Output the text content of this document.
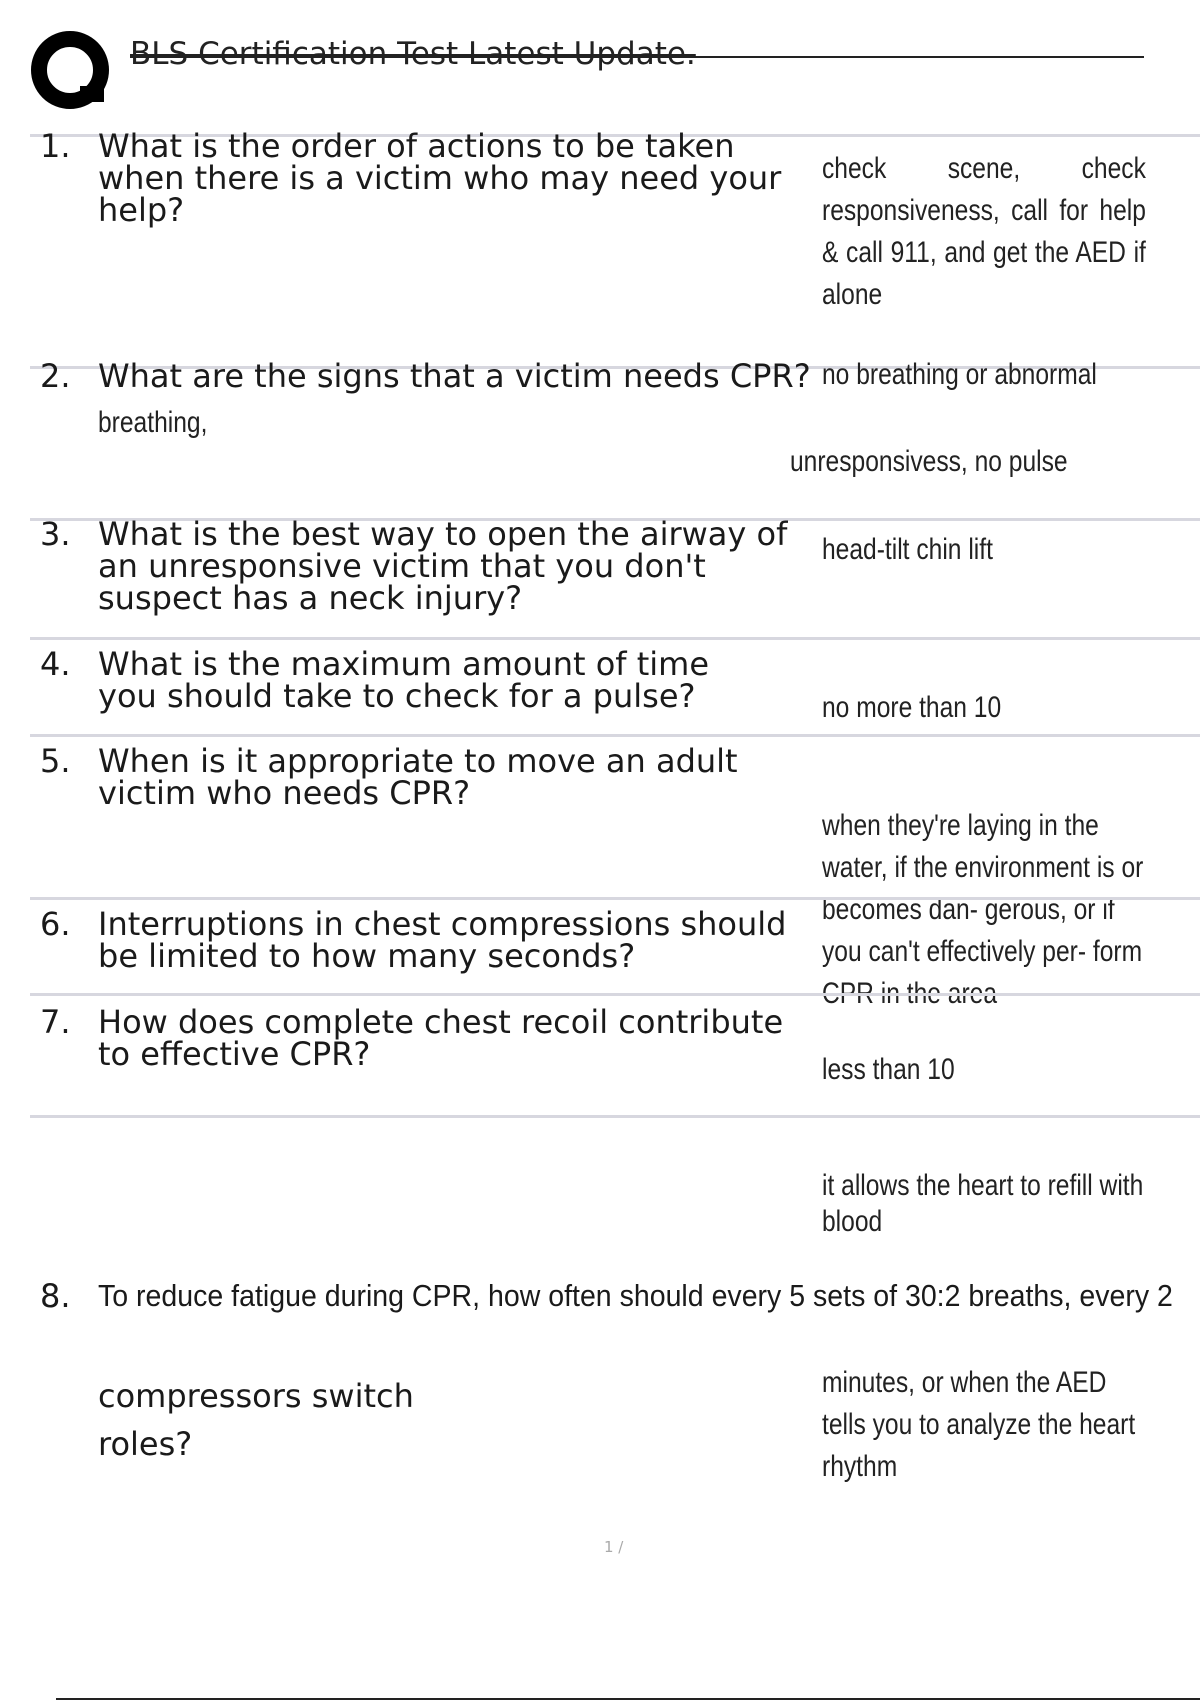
BLS Certification Test Latest Update.
1. What is the order of actions to be taken when there is a victim who may need your help?
check scene, check responsiveness, call for help & call 911, and get the AED if alone
2. What are the signs that a victim needs CPR? no breathing or abnormal
breathing,
unresponsivess, no pulse
3. What is the best way to open the airway of an unresponsive victim that you don't suspect has a neck injury?
head-tilt chin lift
4. What is the maximum amount of time you should take to check for a pulse?	no more than 10
5. When is it appropriate to move an adult victim who needs CPR?
when they're laying in the water, if the environment is or becomes dan- gerous, or if you can't effectively per- form CPR in the area
6. Interruptions in chest compressions should be limited to how many seconds?
less than 10
7. How does complete chest recoil contribute to effective CPR?
it allows the heart to refill with blood
8. To reduce fatigue during CPR, how often should every 5 sets of 30:2 breaths, every 2
compressors switch
roles?
minutes, or when the AED tells you to analyze the heart rhythm
1 /
